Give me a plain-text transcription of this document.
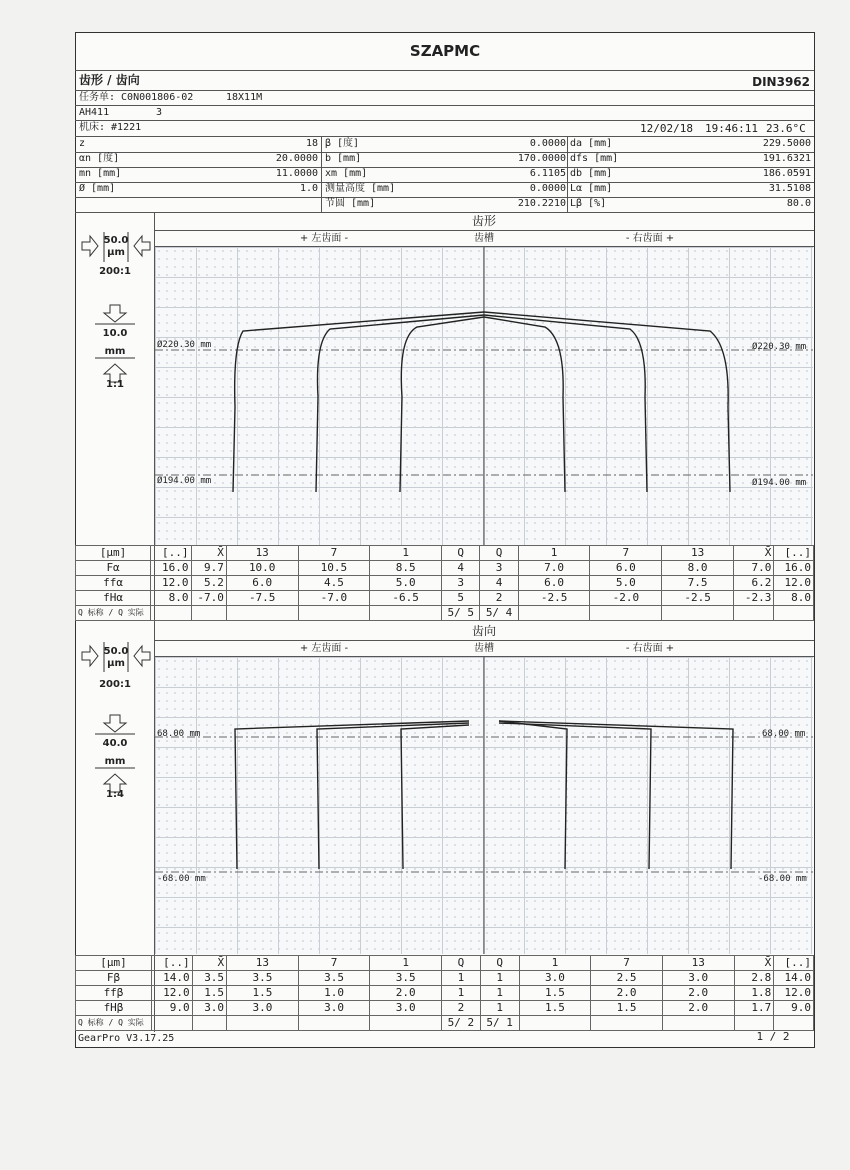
SZAPMC
齿形 / 齿向	DIN3962
任务单: C0N001806-02	18X11M
AH411	3
机床: #1221	12/02/18 19:46:11 23.6°C
z	18 β [度]	0.0000 da [mm]	229.5000
αn [度]	20.0000 b [mm]	170.0000 dfs [mm]	191.6321
mn [mm]	11.0000 xm [mm]	6.1105 db [mm]	186.0591
Ø [mm]	1.0 测量高度 [mm]	0.0000 Lα [mm]	31.5108
节圆 [mm]	210.2210 Lβ [%]	80.0
齿形
+ 左齿面 -	齿槽	- 右齿面 +
Ø220.30 mm	Ø220.30 mm
Ø194.00 mm	Ø194.00 mm
50.0
µm
200:1
10.0
mm
1:1
[µm]	[..]	X̄	13	7	1	Q	Q	1	7	13	X̄	[..]
Fα	16.0	9.7	10.0	10.5	8.5	4	3	7.0	6.0	8.0	7.0	16.0
ffα	12.0	5.2	6.0	4.5	5.0	3	4	6.0	5.0	7.5	6.2	12.0
fHα	8.0	-7.0	-7.5	-7.0	-6.5	5	2	-2.5	-2.0	-2.5	-2.3	8.0
Q 标称 / Q 实际						5/ 5	5/ 4					
齿向
+ 左齿面 -	齿槽	- 右齿面 +
68.00 mm	68.00 mm
-68.00 mm	-68.00 mm
50.0
µm
200:1
40.0
mm
1:4
[µm]	[..]	X̄	13	7	1	Q	Q	1	7	13	X̄	[..]
Fβ	14.0	3.5	3.5	3.5	3.5	1	1	3.0	2.5	3.0	2.8	14.0
ffβ	12.0	1.5	1.5	1.0	2.0	1	1	1.5	2.0	2.0	1.8	12.0
fHβ	9.0	3.0	3.0	3.0	3.0	2	1	1.5	1.5	2.0	1.7	9.0
Q 标称 / Q 实际						5/ 2	5/ 1					
GearPro V3.17.25	1 / 2
